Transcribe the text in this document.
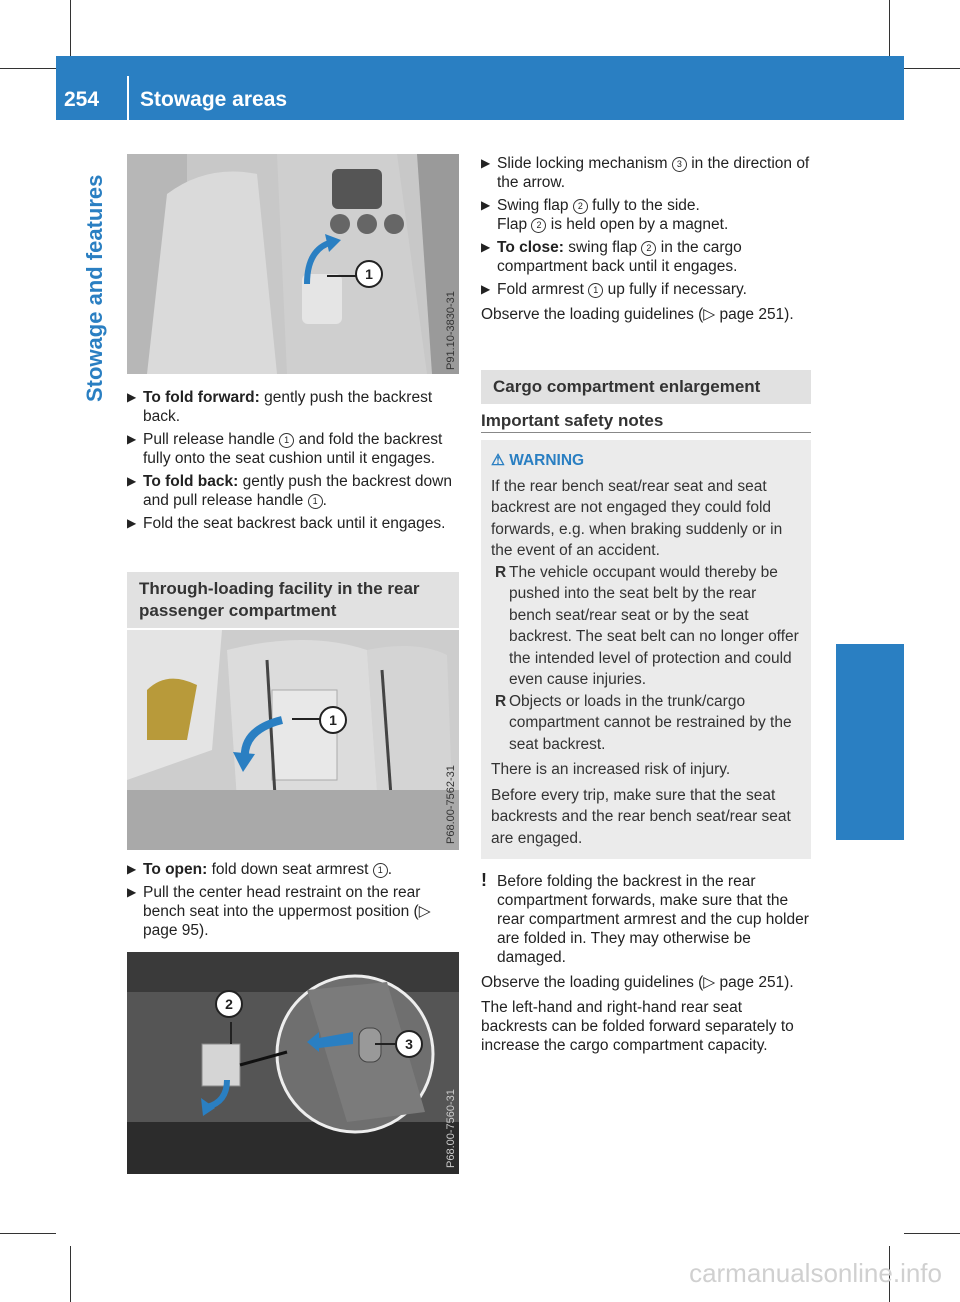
254 Stowage areas
Stowage and features	1
P91.10-3830-31
▶ To fold forward: gently push the backrest back.
▶ Pull release handle 1 and fold the backrest fully onto the seat cushion until it engages.
▶ To fold back: gently push the backrest down and pull release handle 1 .
▶ Fold the seat backrest back until it engages.
Through-loading facility in the rear passenger compartment
1
P68.00-7562-31
▶ To open: fold down seat armrest 1 .
▶ Pull the center head restraint on the rear bench seat into the uppermost position (▷ page 95).
2
3
P68.00-7560-31
▶ Slide locking mechanism 3 in the direction of the arrow.
▶ Swing flap 2 fully to the side.
Flap 2 is held open by a magnet.
▶ To close: swing flap 2 in the cargo compartment back until it engages.
▶ Fold armrest 1 up fully if necessary.
Observe the loading guidelines (▷ page 251).
Cargo compartment enlargement
Important safety notes
⚠ WARNING
If the rear bench seat/rear seat and seat backrest are not engaged they could fold forwards, e.g. when braking suddenly or in the event of an accident.
R The vehicle occupant would thereby be pushed into the seat belt by the rear bench seat/rear seat or by the seat backrest. The seat belt can no longer offer the intended level of protection and could even cause injuries.
R Objects or loads in the trunk/cargo compartment cannot be restrained by the seat backrest.
There is an increased risk of injury.
Before every trip, make sure that the seat backrests and the rear bench seat/rear seat are engaged.
! Before folding the backrest in the rear compartment forwards, make sure that the rear compartment armrest and the cup holder are folded in. They may otherwise be damaged.
Observe the loading guidelines (▷ page 251).
The left-hand and right-hand rear seat backrests can be folded forward separately to increase the cargo compartment capacity.
carmanualsonline.info
